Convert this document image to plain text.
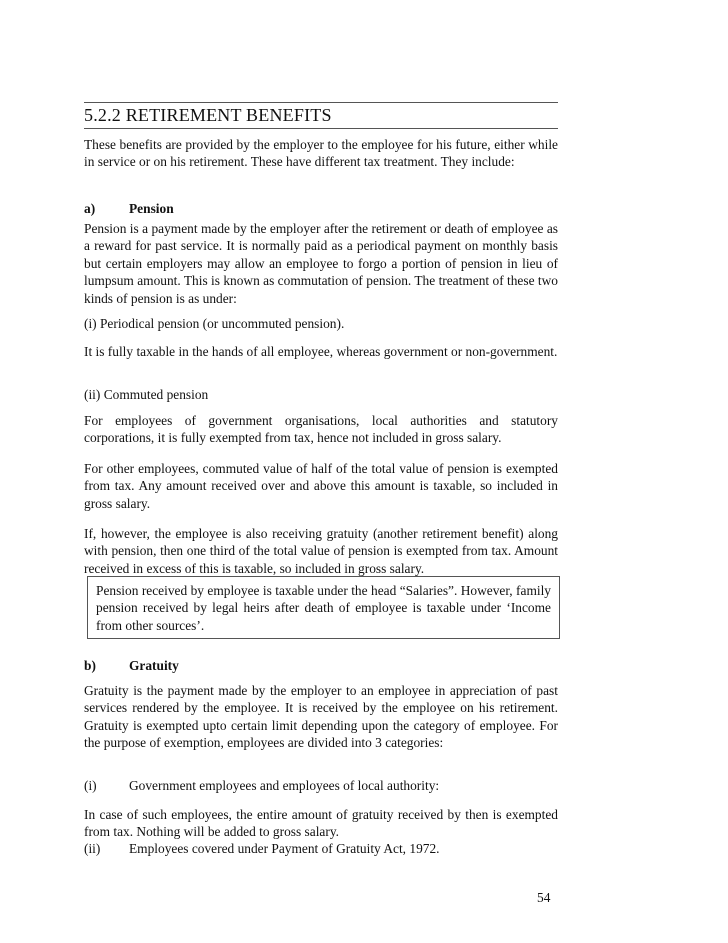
5.2.2 RETIREMENT BENEFITS
These benefits are provided by the employer to the employee for his future, either while in service or on his retirement. These have different tax treatment. They include:
a)	Pension
Pension is a payment made by the employer after the retirement or death of employee as a reward for past service. It is normally paid as a periodical payment on monthly basis but certain employers may allow an employee to forgo a portion of pension in lieu of lumpsum amount. This is known as commutation of pension. The treatment of these two kinds of pension is as under:
(i) Periodical pension (or uncommuted pension).
It is fully taxable in the hands of all employee, whereas government or non-government.
(ii) Commuted pension
For employees of government organisations, local authorities and statutory corporations, it is fully exempted from tax, hence not included in gross salary.
For other employees, commuted value of half of the total value of pension is exempted from tax. Any amount received over and above this amount is taxable, so included in gross salary.
If, however, the employee is also receiving gratuity (another retirement benefit) along with pension, then one third of the total value of pension is exempted from tax. Amount received in excess of this is taxable, so included in gross salary.
Pension received by employee is taxable under the head “Salaries”. However, family pension received by legal heirs after death of employee is taxable under ‘Income from other sources’.
b) Gratuity
Gratuity is the payment made by the employer to an employee in appreciation of past services rendered by the employee. It is received by the employee on his retirement. Gratuity is exempted upto certain limit depending upon the category of employee. For the purpose of exemption, employees are divided into 3 categories:
(i) Government employees and employees of local authority:
In case of such employees, the entire amount of gratuity received by then is exempted from tax. Nothing will be added to gross salary.
(ii) Employees covered under Payment of Gratuity Act, 1972.
54
